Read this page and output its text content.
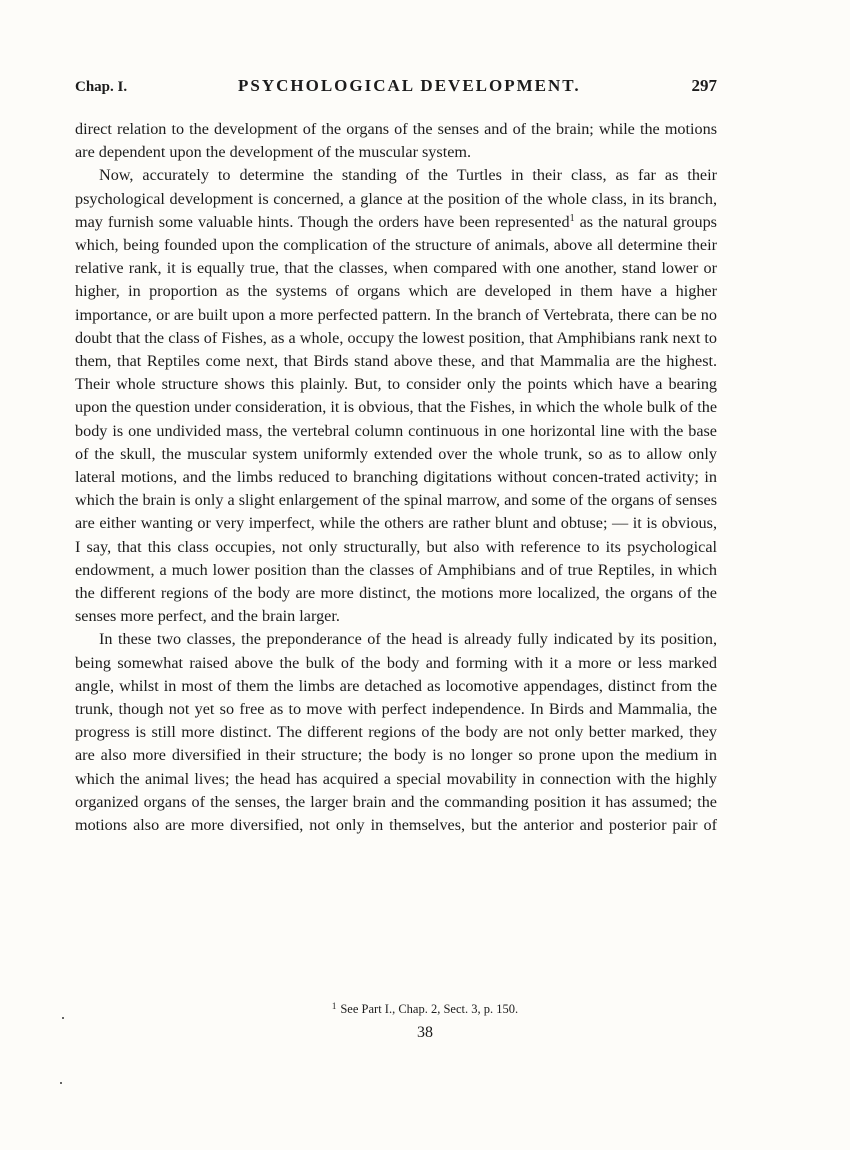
Chap. I.	PSYCHOLOGICAL DEVELOPMENT.	297

direct relation to the development of the organs of the senses and of the brain; while the motions are dependent upon the development of the muscular system.

Now, accurately to determine the standing of the Turtles in their class, as far as their psychological development is concerned, a glance at the position of the whole class, in its branch, may furnish some valuable hints. Though the orders have been represented$^1$ as the natural groups which, being founded upon the complication of the structure of animals, above all determine their relative rank, it is equally true, that the classes, when compared with one another, stand lower or higher, in proportion as the systems of organs which are developed in them have a higher importance, or are built upon a more perfected pattern. In the branch of Vertebrata, there can be no doubt that the class of Fishes, as a whole, occupy the lowest position, that Amphibians rank next to them, that Reptiles come next, that Birds stand above these, and that Mammalia are the highest. Their whole structure shows this plainly. But, to consider only the points which have a bearing upon the question under consideration, it is obvious, that the Fishes, in which the whole bulk of the body is one undivided mass, the vertebral column continuous in one horizontal line with the base of the skull, the muscular system uniformly extended over the whole trunk, so as to allow only lateral motions, and the limbs reduced to branching digitations without concen-trated activity; in which the brain is only a slight enlargement of the spinal marrow, and some of the organs of senses are either wanting or very imperfect, while the others are rather blunt and obtuse; — it is obvious, I say, that this class occupies, not only structurally, but also with reference to its psychological endowment, a much lower position than the classes of Amphibians and of true Reptiles, in which the different regions of the body are more distinct, the motions more localized, the organs of the senses more perfect, and the brain larger.

In these two classes, the preponderance of the head is already fully indicated by its position, being somewhat raised above the bulk of the body and forming with it a more or less marked angle, whilst in most of them the limbs are detached as locomotive appendages, distinct from the trunk, though not yet so free as to move with perfect independence. In Birds and Mammalia, the progress is still more distinct. The different regions of the body are not only better marked, they are also more diversified in their structure; the body is no longer so prone upon the medium in which the animal lives; the head has acquired a special movability in connection with the highly organized organs of the senses, the larger brain and the commanding position it has assumed; the motions also are more diversified, not only in themselves, but the anterior and posterior pair of

$^1$ See Part I., Chap. 2, Sect. 3, p. 150.
38
